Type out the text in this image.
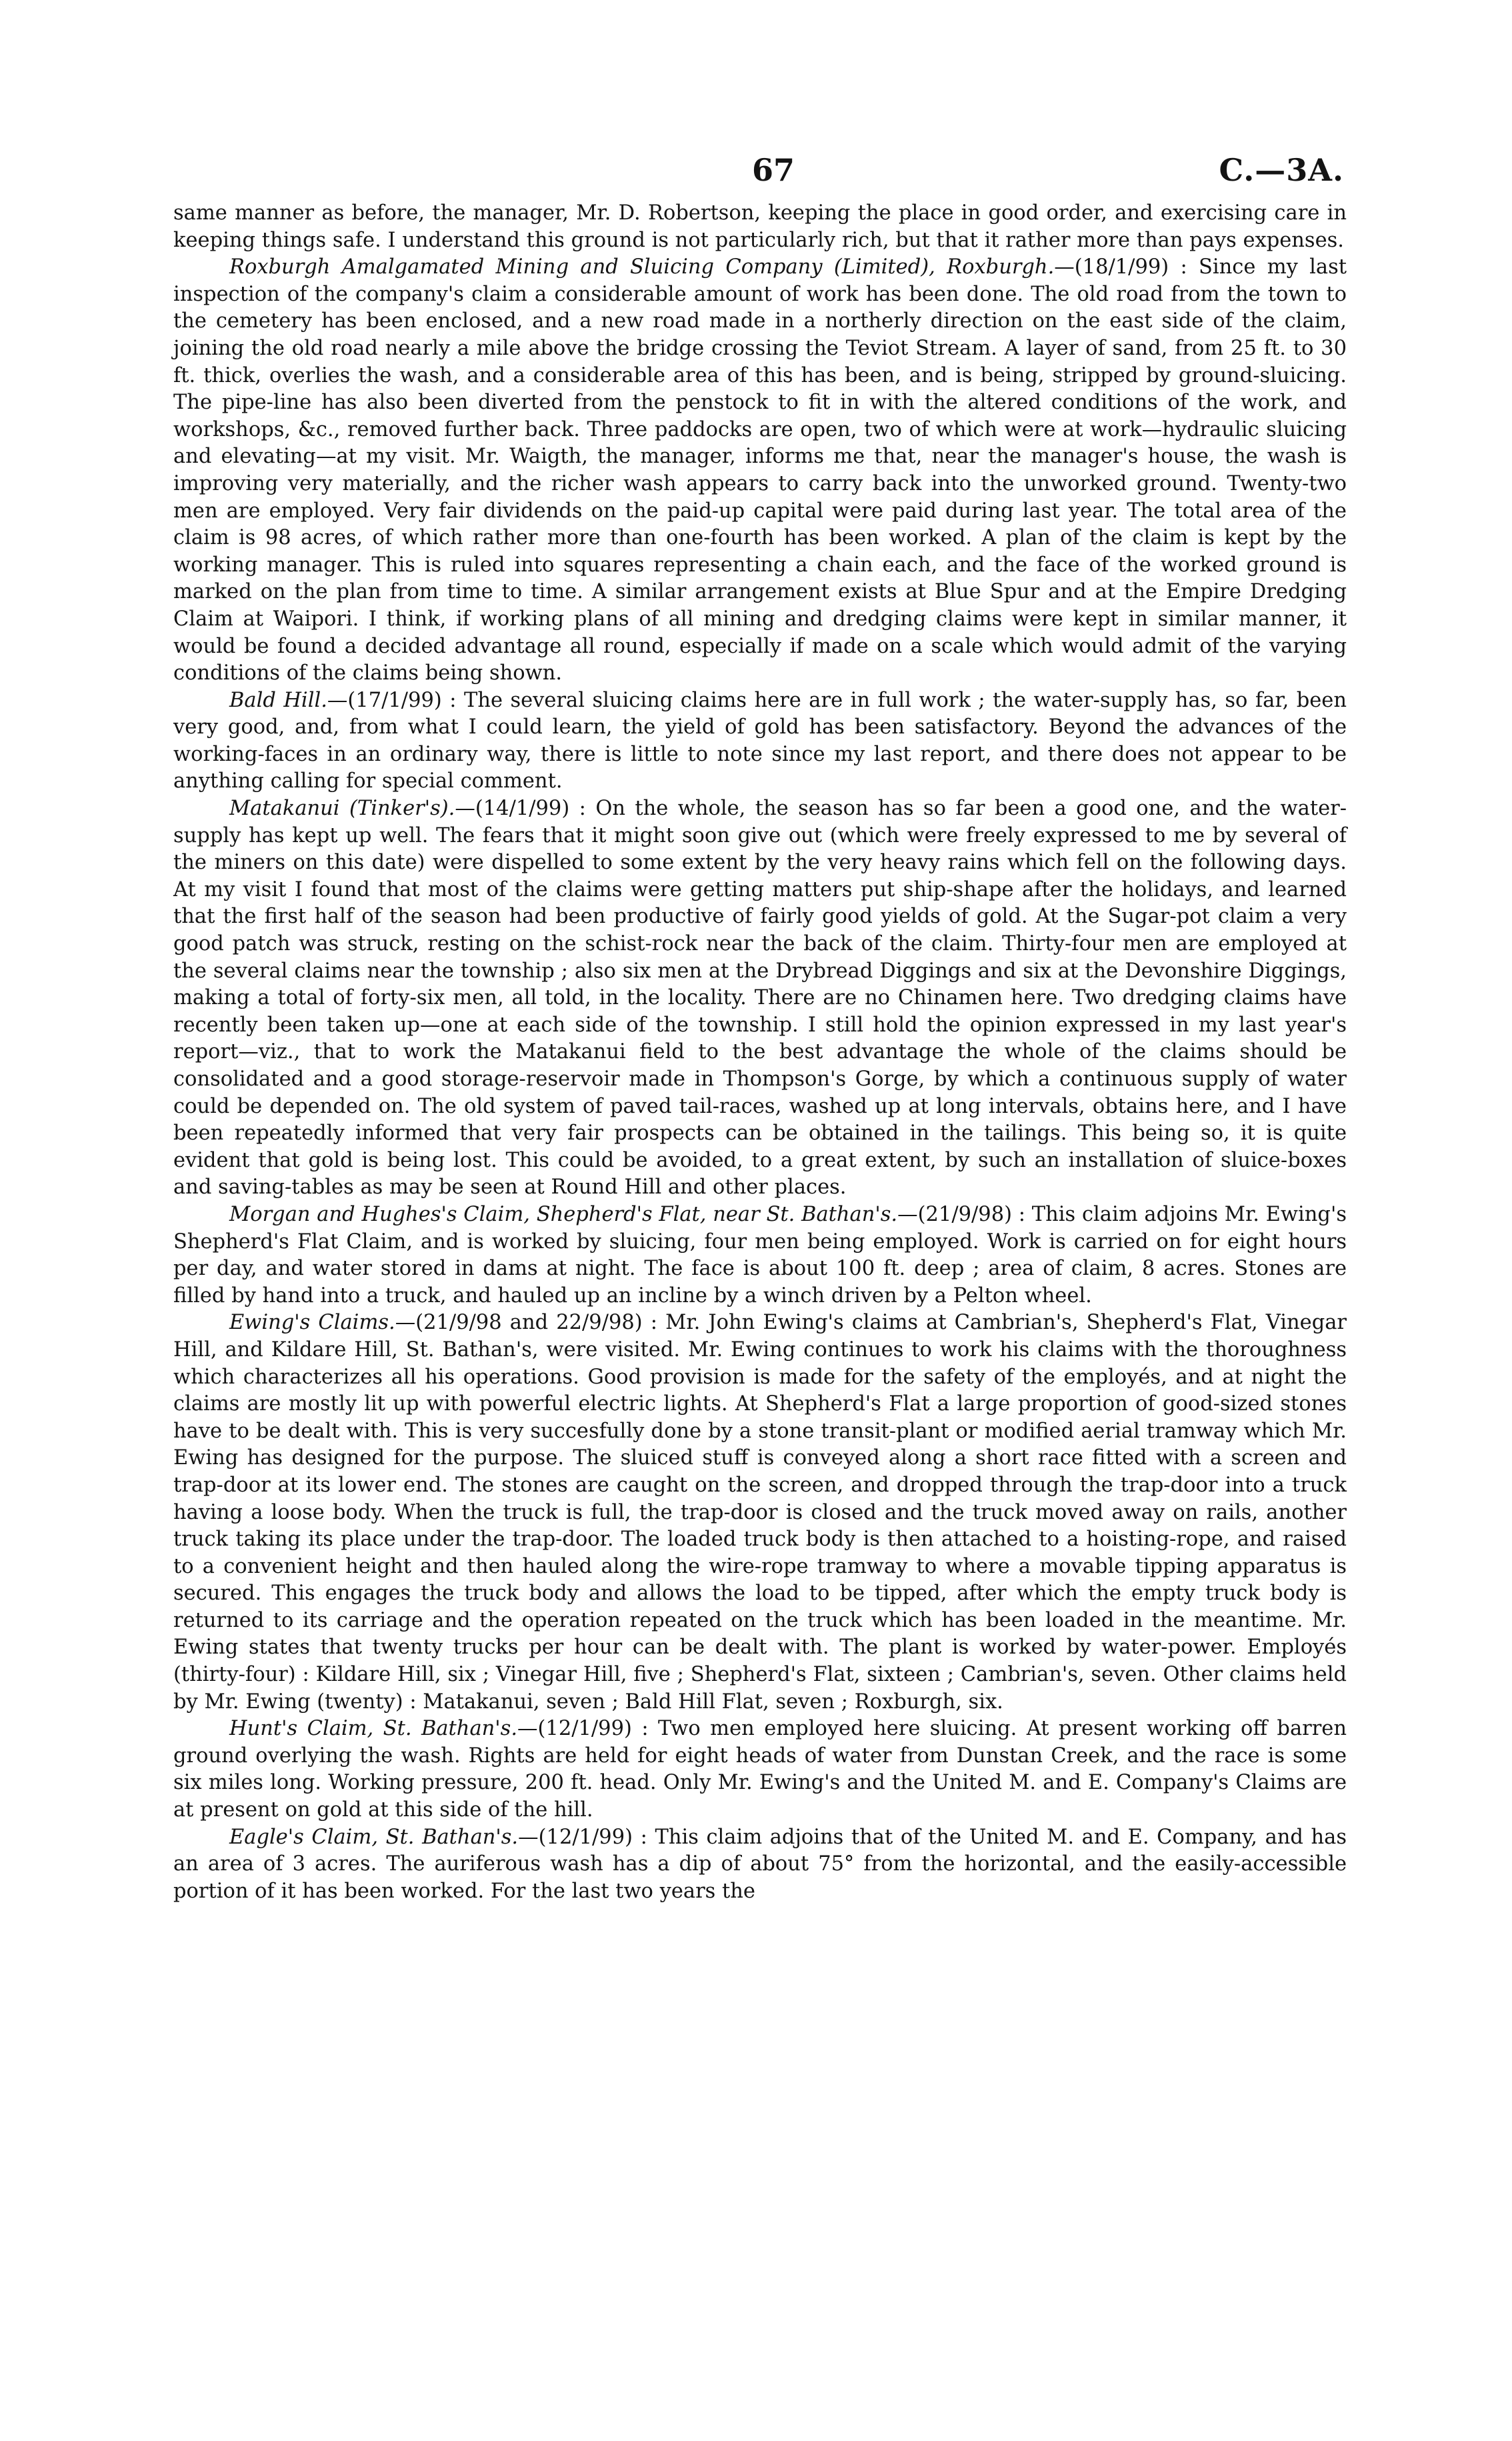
67	C.—3A.

same manner as before, the manager, Mr. D. Robertson, keeping the place in good order, and exercising care in keeping things safe. I understand this ground is not particularly rich, but that it rather more than pays expenses.

Roxburgh Amalgamated Mining and Sluicing Company (Limited), Roxburgh.—(18/1/99) : Since my last inspection of the company's claim a considerable amount of work has been done. The old road from the town to the cemetery has been enclosed, and a new road made in a northerly direction on the east side of the claim, joining the old road nearly a mile above the bridge crossing the Teviot Stream. A layer of sand, from 25 ft. to 30 ft. thick, overlies the wash, and a considerable area of this has been, and is being, stripped by ground-sluicing. The pipe-line has also been diverted from the penstock to fit in with the altered conditions of the work, and workshops, &c., removed further back. Three paddocks are open, two of which were at work—hydraulic sluicing and elevating—at my visit. Mr. Waigth, the manager, informs me that, near the manager's house, the wash is improving very materially, and the richer wash appears to carry back into the unworked ground. Twenty-two men are employed. Very fair dividends on the paid-up capital were paid during last year. The total area of the claim is 98 acres, of which rather more than one-fourth has been worked. A plan of the claim is kept by the working manager. This is ruled into squares representing a chain each, and the face of the worked ground is marked on the plan from time to time. A similar arrangement exists at Blue Spur and at the Empire Dredging Claim at Waipori. I think, if working plans of all mining and dredging claims were kept in similar manner, it would be found a decided advantage all round, especially if made on a scale which would admit of the varying conditions of the claims being shown.

Bald Hill.—(17/1/99) : The several sluicing claims here are in full work ; the water-supply has, so far, been very good, and, from what I could learn, the yield of gold has been satisfactory. Beyond the advances of the working-faces in an ordinary way, there is little to note since my last report, and there does not appear to be anything calling for special comment.

Matakanui (Tinker's).—(14/1/99) : On the whole, the season has so far been a good one, and the water-supply has kept up well. The fears that it might soon give out (which were freely expressed to me by several of the miners on this date) were dispelled to some extent by the very heavy rains which fell on the following days. At my visit I found that most of the claims were getting matters put ship-shape after the holidays, and learned that the first half of the season had been productive of fairly good yields of gold. At the Sugar-pot claim a very good patch was struck, resting on the schist-rock near the back of the claim. Thirty-four men are employed at the several claims near the township ; also six men at the Drybread Diggings and six at the Devonshire Diggings, making a total of forty-six men, all told, in the locality. There are no Chinamen here. Two dredging claims have recently been taken up—one at each side of the township. I still hold the opinion expressed in my last year's report—viz., that to work the Matakanui field to the best advantage the whole of the claims should be consolidated and a good storage-reservoir made in Thompson's Gorge, by which a continuous supply of water could be depended on. The old system of paved tail-races, washed up at long intervals, obtains here, and I have been repeatedly informed that very fair prospects can be obtained in the tailings. This being so, it is quite evident that gold is being lost. This could be avoided, to a great extent, by such an installation of sluice-boxes and saving-tables as may be seen at Round Hill and other places.

Morgan and Hughes's Claim, Shepherd's Flat, near St. Bathan's.—(21/9/98) : This claim adjoins Mr. Ewing's Shepherd's Flat Claim, and is worked by sluicing, four men being employed. Work is carried on for eight hours per day, and water stored in dams at night. The face is about 100 ft. deep ; area of claim, 8 acres. Stones are filled by hand into a truck, and hauled up an incline by a winch driven by a Pelton wheel.

Ewing's Claims.—(21/9/98 and 22/9/98) : Mr. John Ewing's claims at Cambrian's, Shepherd's Flat, Vinegar Hill, and Kildare Hill, St. Bathan's, were visited. Mr. Ewing continues to work his claims with the thoroughness which characterizes all his operations. Good provision is made for the safety of the employés, and at night the claims are mostly lit up with powerful electric lights. At Shepherd's Flat a large proportion of good-sized stones have to be dealt with. This is very succesfully done by a stone transit-plant or modified aerial tramway which Mr. Ewing has designed for the purpose. The sluiced stuff is conveyed along a short race fitted with a screen and trap-door at its lower end. The stones are caught on the screen, and dropped through the trap-door into a truck having a loose body. When the truck is full, the trap-door is closed and the truck moved away on rails, another truck taking its place under the trap-door. The loaded truck body is then attached to a hoisting-rope, and raised to a convenient height and then hauled along the wire-rope tramway to where a movable tipping apparatus is secured. This engages the truck body and allows the load to be tipped, after which the empty truck body is returned to its carriage and the operation repeated on the truck which has been loaded in the meantime. Mr. Ewing states that twenty trucks per hour can be dealt with. The plant is worked by water-power. Employés (thirty-four) : Kildare Hill, six ; Vinegar Hill, five ; Shepherd's Flat, sixteen ; Cambrian's, seven. Other claims held by Mr. Ewing (twenty) : Matakanui, seven ; Bald Hill Flat, seven ; Roxburgh, six.

Hunt's Claim, St. Bathan's.—(12/1/99) : Two men employed here sluicing. At present working off barren ground overlying the wash. Rights are held for eight heads of water from Dunstan Creek, and the race is some six miles long. Working pressure, 200 ft. head. Only Mr. Ewing's and the United M. and E. Company's Claims are at present on gold at this side of the hill.

Eagle's Claim, St. Bathan's.—(12/1/99) : This claim adjoins that of the United M. and E. Company, and has an area of 3 acres. The auriferous wash has a dip of about 75° from the horizontal, and the easily-accessible portion of it has been worked. For the last two years the
